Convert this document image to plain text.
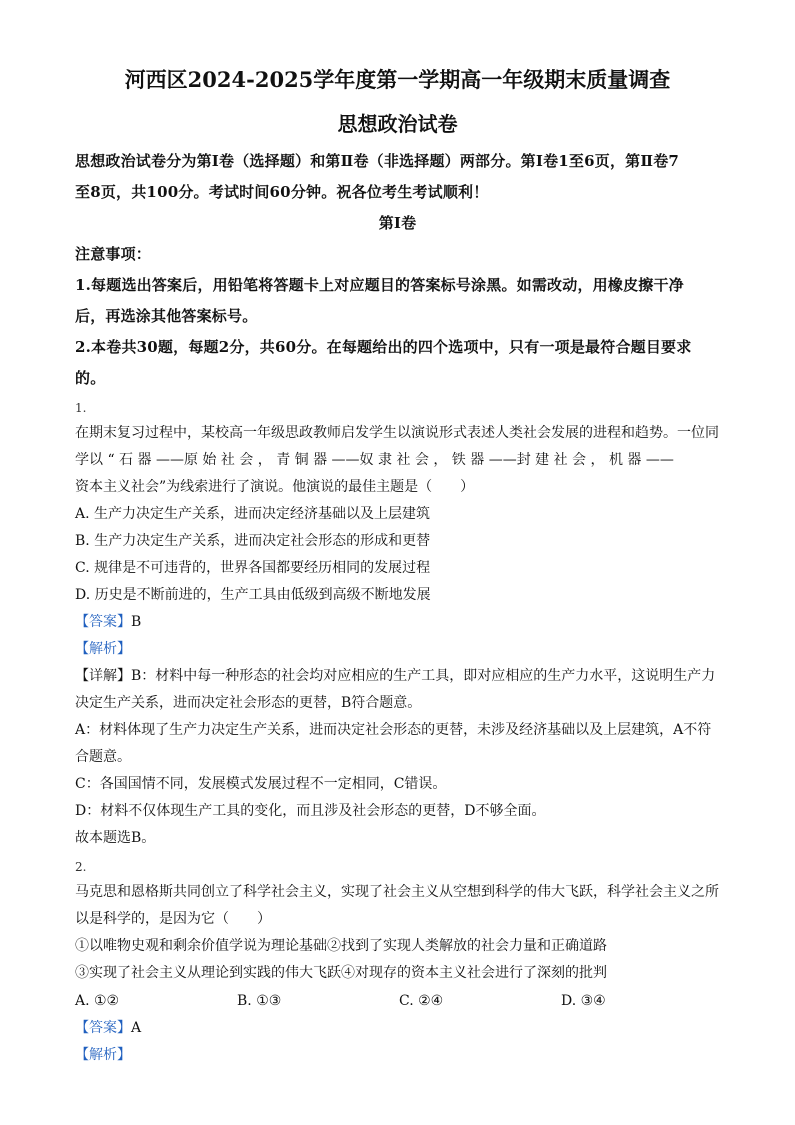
河西区2024-2025学年度第一学期高一年级期末质量调查
思想政治试卷
思想政治试卷分为第Ⅰ卷（选择题）和第Ⅱ卷（非选择题）两部分。第Ⅰ卷1至6页，第Ⅱ卷7
至8页，共100分。考试时间60分钟。祝各位考生考试顺利！
第Ⅰ卷
注意事项：
1.每题选出答案后，用铅笔将答题卡上对应题目的答案标号涂黑。如需改动，用橡皮擦干净
后，再选涂其他答案标号。
2.本卷共30题，每题2分，共60分。在每题给出的四个选项中，只有一项是最符合题目要求
的。
1.
在期末复习过程中，某校高一年级思政教师启发学生以演说形式表述人类社会发展的进程和趋势。一位同
学以 “ 石 器 ——原 始 社 会 ， 青 铜 器 ——奴 隶 社 会 ， 铁 器 ——封 建 社 会 ， 机 器 ——
资本主义社会”为线索进行了演说。他演说的最佳主题是（　　）
A. 生产力决定生产关系，进而决定经济基础以及上层建筑
B. 生产力决定生产关系，进而决定社会形态的形成和更替
C. 规律是不可违背的，世界各国都要经历相同的发展过程
D. 历史是不断前进的，生产工具由低级到高级不断地发展
【答案】B
【解析】
【详解】B：材料中每一种形态的社会均对应相应的生产工具，即对应相应的生产力水平，这说明生产力
决定生产关系，进而决定社会形态的更替，B符合题意。
A：材料体现了生产力决定生产关系，进而决定社会形态的更替，未涉及经济基础以及上层建筑，A不符
合题意。
C：各国国情不同，发展模式发展过程不一定相同，C错误。
D：材料不仅体现生产工具的变化，而且涉及社会形态的更替，D不够全面。
故本题选B。
2.
马克思和恩格斯共同创立了科学社会主义，实现了社会主义从空想到科学的伟大飞跃，科学社会主义之所
以是科学的，是因为它（　　）
①以唯物史观和剩余价值学说为理论基础②找到了实现人类解放的社会力量和正确道路
③实现了社会主义从理论到实践的伟大飞跃④对现存的资本主义社会进行了深刻的批判
A. ①②	B. ①③	C. ②④	D. ③④
【答案】A
【解析】
